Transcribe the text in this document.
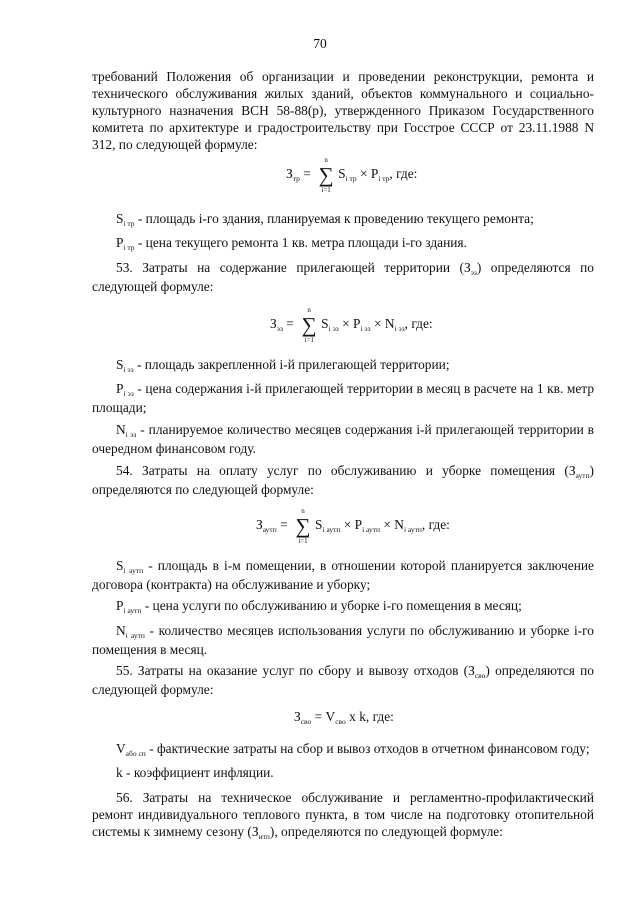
70
требований Положения об организации и проведении реконструкции, ремонта и технического обслуживания жилых зданий, объектов коммунального и социально-культурного назначения ВСН 58-88(р), утвержденного Приказом Государственного комитета по архитектуре и градостроительству при Госстрое СССР от 23.11.1988 N 312, по следующей формуле:
$З_{тр}$ =
n
∑
i=1
$S_{i тр} \times P_{i тр}$, где:
$S_{i тр}$ - площадь i-го здания, планируемая к проведению текущего ремонта;
$P_{i тр}$ - цена текущего ремонта 1 кв. метра площади i-го здания.
53. Затраты на содержание прилегающей территории $(З_{эз})$ определяются по следующей формуле:
$З_{эз}$ =
n
∑
i=1
$S_{i эз} \times P_{i эз} \times N_{i эз}$, где:
$S_{i эз}$ - площадь закрепленной i-й прилегающей территории;
$P_{i эз}$ - цена содержания i-й прилегающей территории в месяц в расчете на 1 кв. метр площади;
$N_{i эз}$ - планируемое количество месяцев содержания i-й прилегающей территории в очередном финансовом году.
54. Затраты на оплату услуг по обслуживанию и уборке помещения $(З_{аутп})$ определяются по следующей формуле:
$З_{аутп}$ =
n
∑
i=1
$S_{i аутп} \times P_{i аутп} \times N_{i аутп}$, где:
$S_{i аутп}$ - площадь в i-м помещении, в отношении которой планируется заключение договора (контракта) на обслуживание и уборку;
$P_{i аутп}$ - цена услуги по обслуживанию и уборке i-го помещения в месяц;
$N_{i аутп}$ - количество месяцев использования услуги по обслуживанию и уборке i-го помещения в месяц.
55. Затраты на оказание услуг по сбору и вывозу отходов $(З_{сво})$ определяются по следующей формуле:
$З_{сво} = V_{сво}$ x k, где:
$V_{або сп}$ - фактические затраты на сбор и вывоз отходов в отчетном финансовом году;
k - коэффициент инфляции.
56. Затраты на техническое обслуживание и регламентно-профилактический ремонт индивидуального теплового пункта, в том числе на подготовку отопительной системы к зимнему сезону $(З_{итп})$, определяются по следующей формуле:
